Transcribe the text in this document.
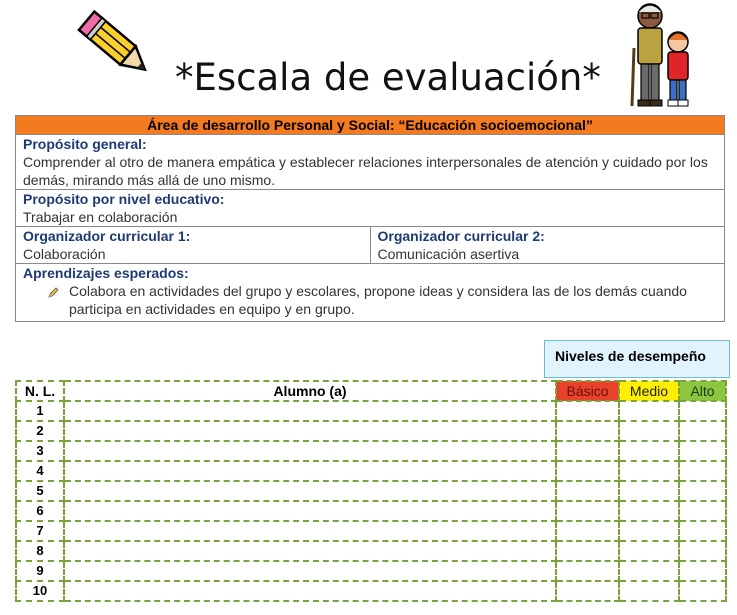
*Escala de evaluación*
Área de desarrollo Personal y Social: “Educación socioemocional”
Propósito general:
Comprender al otro de manera empática y establecer relaciones interpersonales de atención y cuidado por los demás, mirando más allá de uno mismo.
Propósito por nivel educativo:
Trabajar en colaboración
Organizador curricular 1:
Colaboración
Organizador curricular 2:
Comunicación asertiva
Aprendizajes esperados:
Colabora en actividades del grupo y escolares, propone ideas y considera las de los demás cuando participa en actividades en equipo y en grupo.
Niveles de desempeño
N. L.	Alumno (a)	Básico	Medio	Alto
1				
2				
3				
4				
5				
6				
7				
8				
9				
10				
